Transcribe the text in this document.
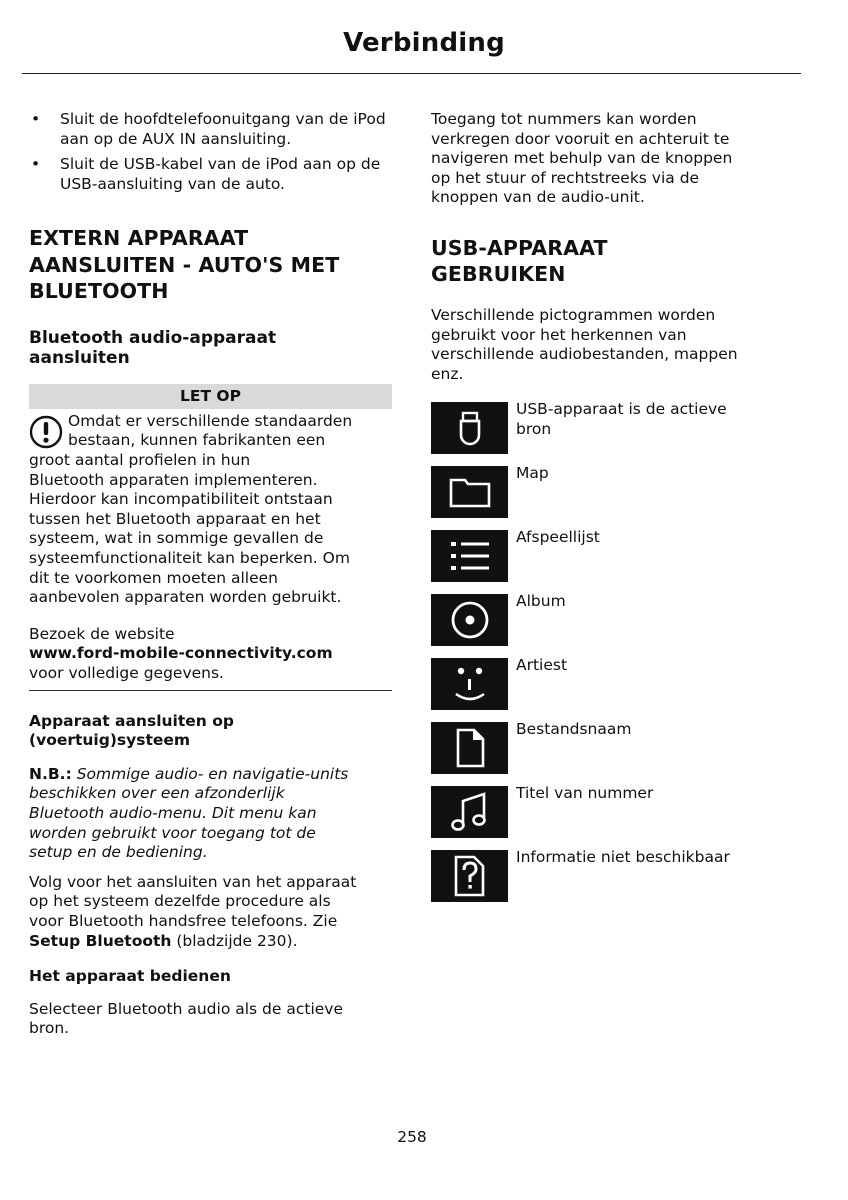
Verbinding
• Sluit de hoofdtelefoonuitgang van de iPod aan op de AUX IN aansluiting.
• Sluit de USB-kabel van de iPod aan op de USB-aansluiting van de auto.
EXTERN APPARAAT
AANSLUITEN - AUTO'S MET
BLUETOOTH
Bluetooth audio-apparaat
aansluiten
LET OP

Omdat er verschillende standaarden
bestaan, kunnen fabrikanten een
groot aantal profielen in hun

Bluetooth apparaten implementeren.
Hierdoor kan incompatibiliteit ontstaan
tussen het Bluetooth apparaat en het
systeem, wat in sommige gevallen de
systeemfunctionaliteit kan beperken. Om
dit te voorkomen moeten alleen
aanbevolen apparaten worden gebruikt.

Bezoek de website
www.ford-mobile-connectivity.com
voor volledige gegevens.

Apparaat aansluiten op
(voertuig)systeem

N.B.: Sommige audio- en navigatie-units
beschikken over een afzonderlijk
Bluetooth audio-menu. Dit menu kan
worden gebruikt voor toegang tot de
setup en de bediening.

Volg voor het aansluiten van het apparaat
op het systeem dezelfde procedure als
voor Bluetooth handsfree telefoons. Zie
Setup Bluetooth (bladzijde 230).

Het apparaat bedienen

Selecteer Bluetooth audio als de actieve
bron.

Toegang tot nummers kan worden
verkregen door vooruit en achteruit te
navigeren met behulp van de knoppen
op het stuur of rechtstreeks via de
knoppen van de audio-unit.

USB-APPARAAT
GEBRUIKEN

Verschillende pictogrammen worden
gebruikt voor het herkennen van
verschillende audiobestanden, mappen
enz.

USB-apparaat is de actieve
bron
Map
Afspeellijst
Album
Artiest
Bestandsnaam
Titel van nummer
Informatie niet beschikbaar
258
